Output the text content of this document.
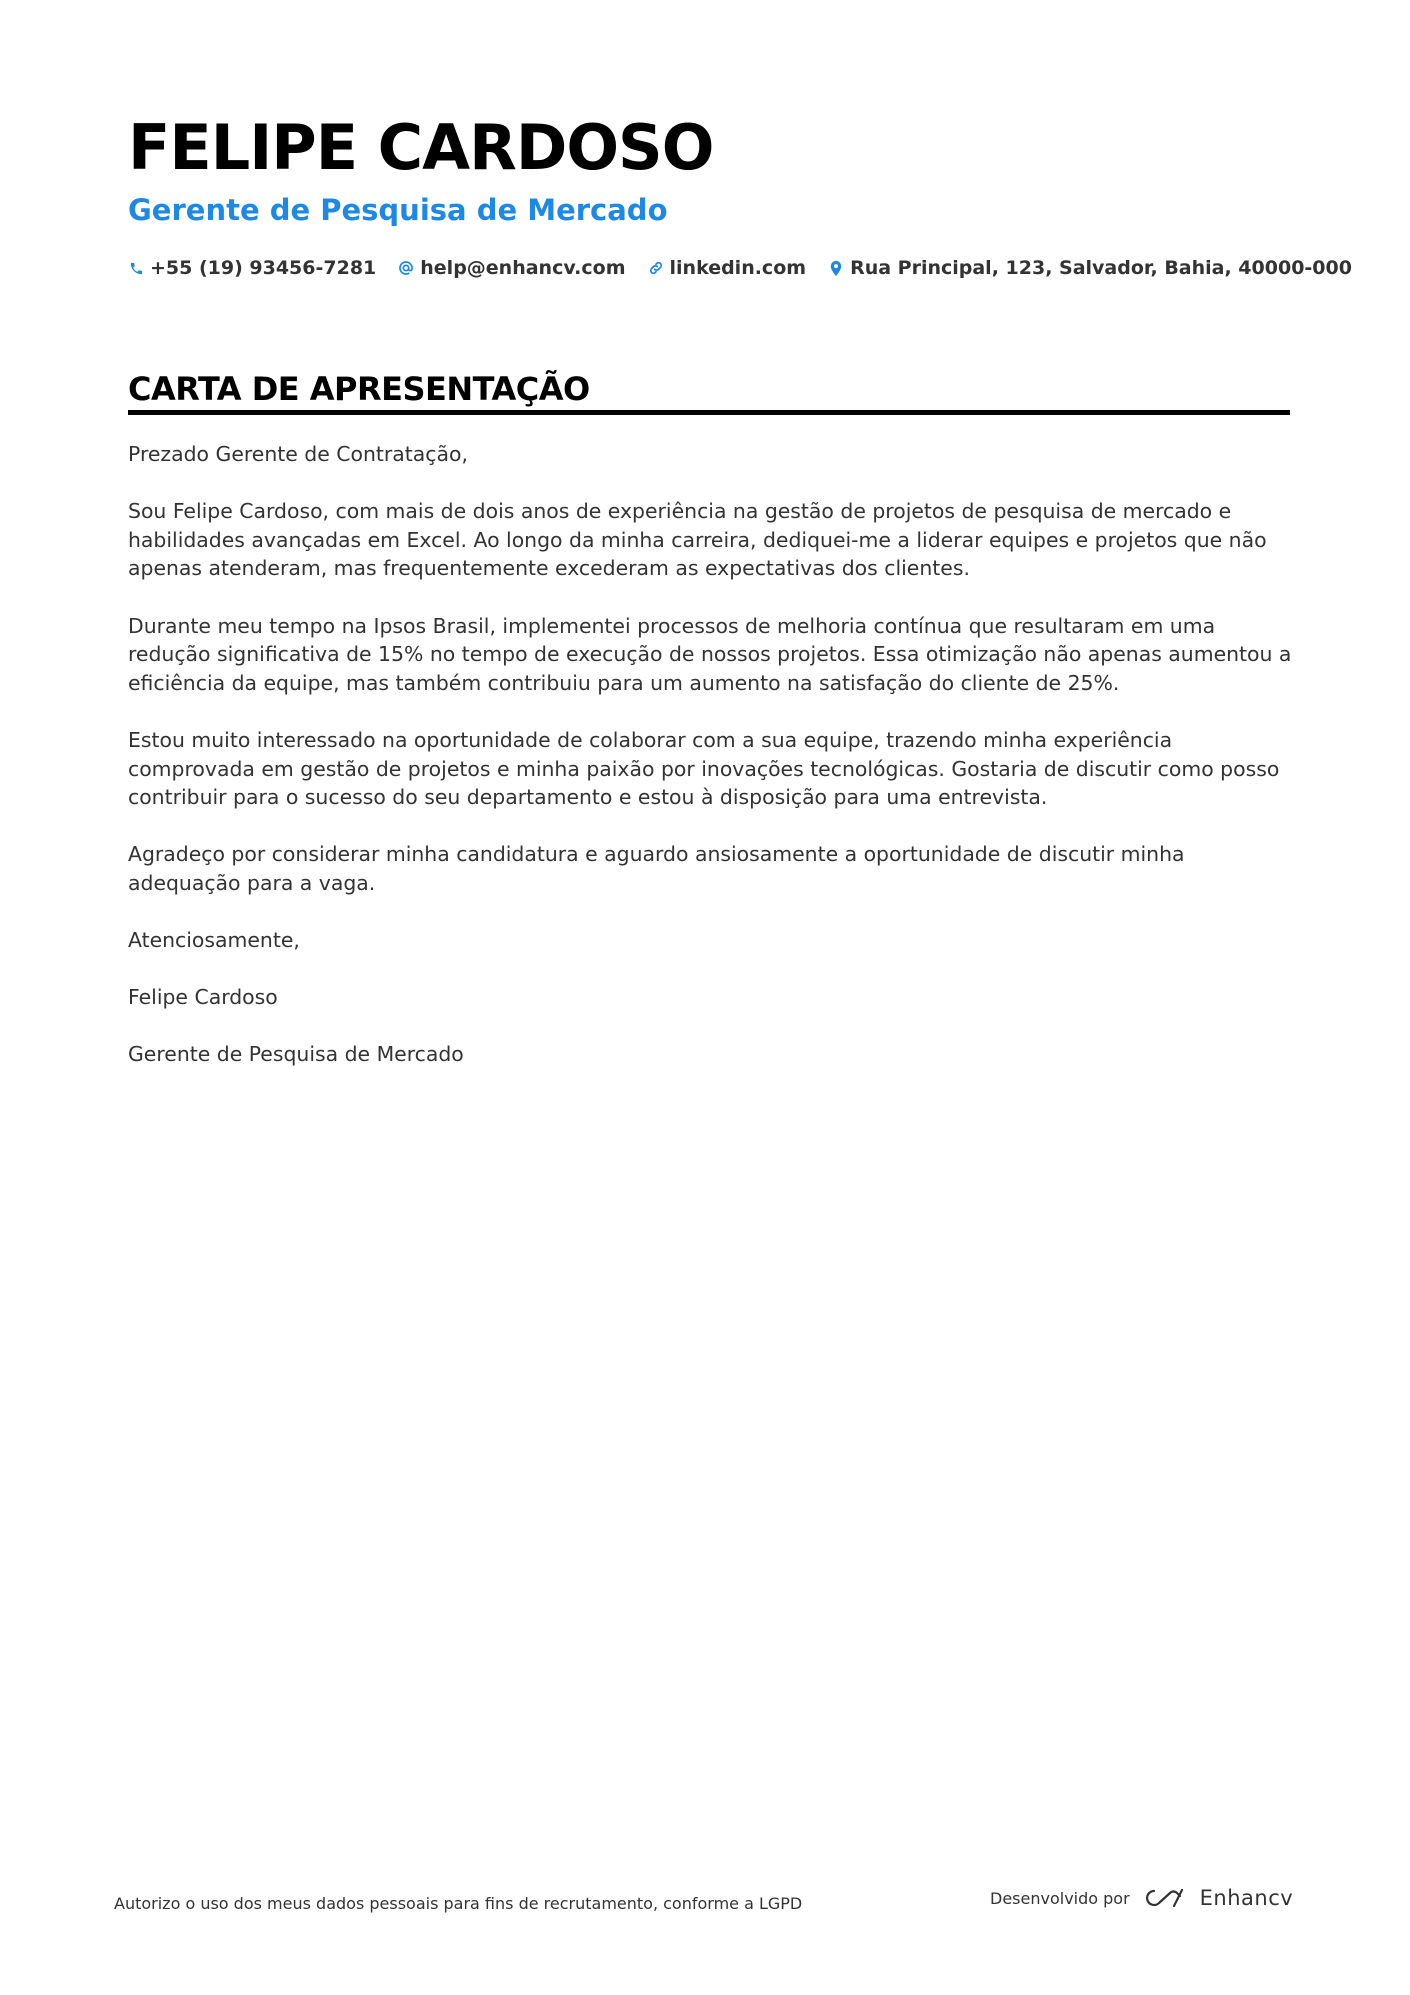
FELIPE CARDOSO
Gerente de Pesquisa de Mercado
+55 (19) 93456-7281 help@enhancv.com linkedin.com Rua Principal, 123, Salvador, Bahia, 40000-000
CARTA DE APRESENTAÇÃO

Prezado Gerente de Contratação,

Sou Felipe Cardoso, com mais de dois anos de experiência na gestão de projetos de pesquisa de mercado e habilidades avançadas em Excel. Ao longo da minha carreira, dediquei-me a liderar equipes e projetos que não apenas atenderam, mas frequentemente excederam as expectativas dos clientes.

Durante meu tempo na Ipsos Brasil, implementei processos de melhoria contínua que resultaram em uma redução significativa de 15% no tempo de execução de nossos projetos. Essa otimização não apenas aumentou a eficiência da equipe, mas também contribuiu para um aumento na satisfação do cliente de 25%.

Estou muito interessado na oportunidade de colaborar com a sua equipe, trazendo minha experiência comprovada em gestão de projetos e minha paixão por inovações tecnológicas. Gostaria de discutir como posso contribuir para o sucesso do seu departamento e estou à disposição para uma entrevista.

Agradeço por considerar minha candidatura e aguardo ansiosamente a oportunidade de discutir minha adequação para a vaga.

Atenciosamente,

Felipe Cardoso

Gerente de Pesquisa de Mercado

Autorizo o uso dos meus dados pessoais para fins de recrutamento, conforme a LGPD	Desenvolvido por	Enhancv
